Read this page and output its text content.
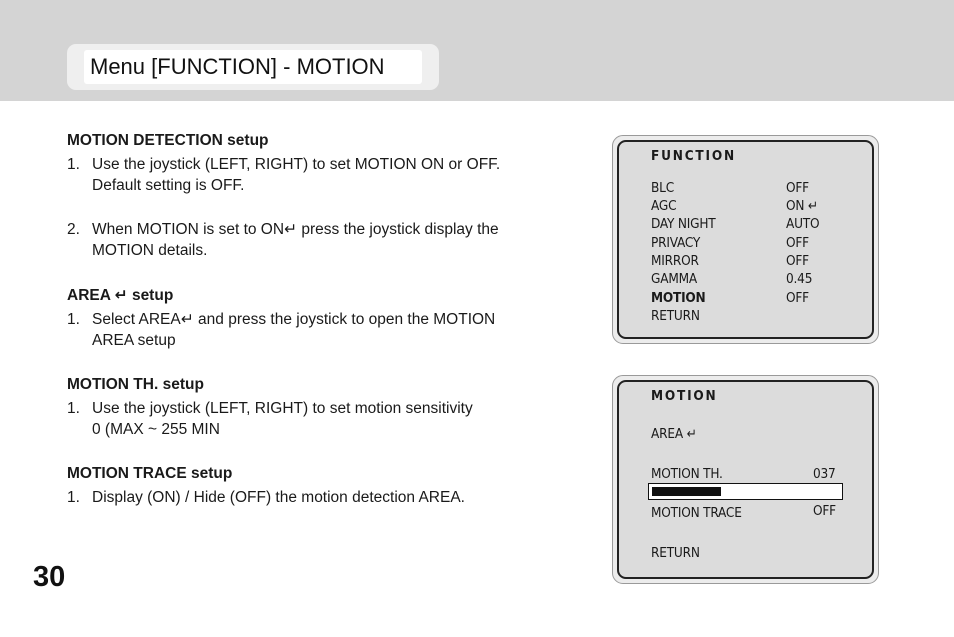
Menu [FUNCTION] - MOTION

MOTION DETECTION setup

1. Use the joystick (LEFT, RIGHT) to set MOTION ON or OFF.
Default setting is OFF.
2. When MOTION is set to ON↵ press the joystick display the
MOTION details.

AREA ↵ setup

1. Select AREA↵ and press the joystick to open the MOTION
AREA setup

MOTION TH. setup

1. Use the joystick (LEFT, RIGHT) to set motion sensitivity
0 (MAX ~ 255 MIN

MOTION TRACE setup

1. Display (ON) / Hide (OFF) the motion detection AREA.
30
FUNCTION
BLC	OFF
AGC	ON ↵
DAY NIGHT	AUTO
PRIVACY	OFF
MIRROR	OFF
GAMMA	0.45
MOTION	OFF
RETURN
MOTION
AREA ↵
MOTION TH.	037
MOTION TRACE	OFF
RETURN
